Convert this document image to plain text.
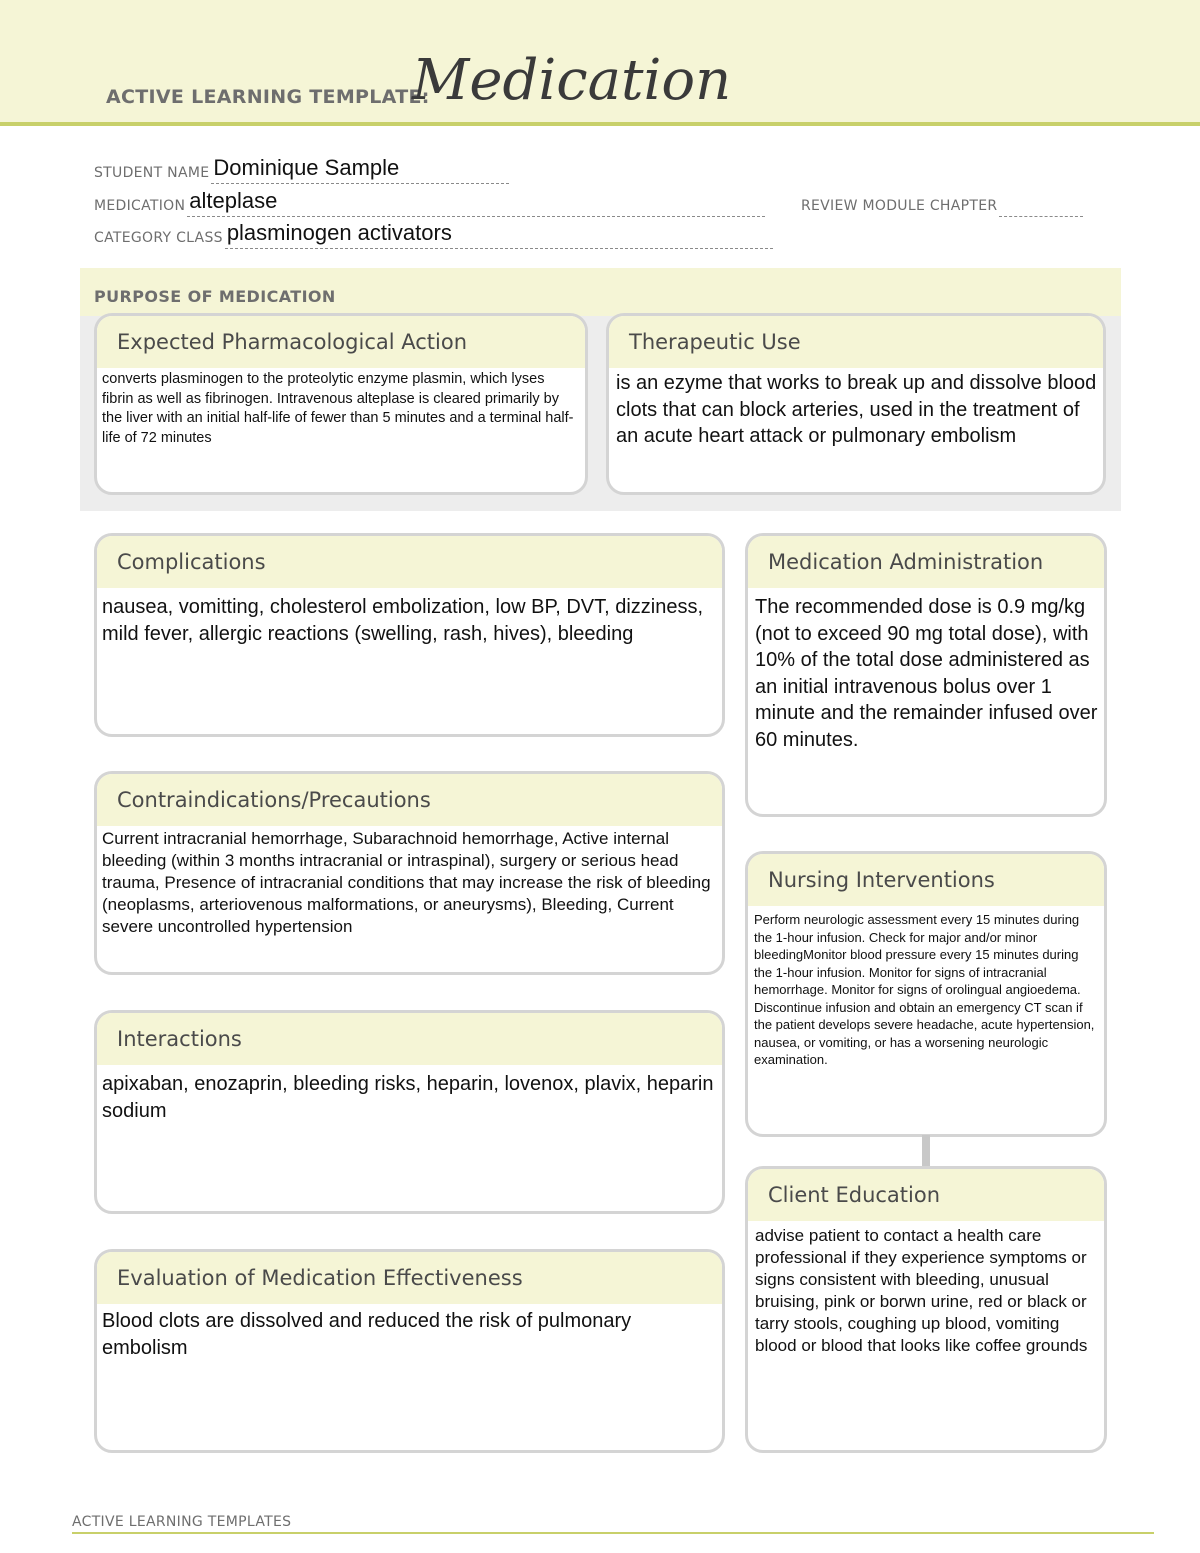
ACTIVE LEARNING TEMPLATE:
Medication
STUDENT NAME Dominique Sample
MEDICATION alteplase	REVIEW MODULE CHAPTER
CATEGORY CLASS plasminogen activators
PURPOSE OF MEDICATION
Expected Pharmacological Action
converts plasminogen to the proteolytic enzyme plasmin, which lyses fibrin as well as fibrinogen. Intravenous alteplase is cleared primarily by the liver with an initial half-life of fewer than 5 minutes and a terminal half-life of 72 minutes
Therapeutic Use
is an ezyme that works to break up and dissolve blood clots that can block arteries, used in the treatment of an acute heart attack or pulmonary embolism
Complications
nausea, vomitting, cholesterol embolization, low BP, DVT, dizziness, mild fever, allergic reactions (swelling, rash, hives), bleeding
Contraindications/Precautions
Current intracranial hemorrhage, Subarachnoid hemorrhage, Active internal bleeding (within 3 months intracranial or intraspinal), surgery or serious head trauma, Presence of intracranial conditions that may increase the risk of bleeding (neoplasms, arteriovenous malformations, or aneurysms), Bleeding, Current severe uncontrolled hypertension
Interactions
apixaban, enozaprin, bleeding risks, heparin, lovenox, plavix, heparin sodium
Evaluation of Medication Effectiveness
Blood clots are dissolved and reduced the risk of pulmonary embolism
Medication Administration
The recommended dose is 0.9 mg/kg (not to exceed 90 mg total dose), with 10% of the total dose administered as an initial intravenous bolus over 1 minute and the remainder infused over 60 minutes.
Nursing Interventions
Perform neurologic assessment every 15 minutes during the 1-hour infusion. Check for major and/or minor bleedingMonitor blood pressure every 15 minutes during the 1-hour infusion. Monitor for signs of intracranial hemorrhage. Monitor for signs of orolingual angioedema. Discontinue infusion and obtain an emergency CT scan if the patient develops severe headache, acute hypertension, nausea, or vomiting, or has a worsening neurologic examination.
Client Education
advise patient to contact a health care professional if they experience symptoms or signs consistent with bleeding, unusual bruising, pink or borwn urine, red or black or tarry stools, coughing up blood, vomiting blood or blood that looks like coffee grounds
ACTIVE LEARNING TEMPLATES
